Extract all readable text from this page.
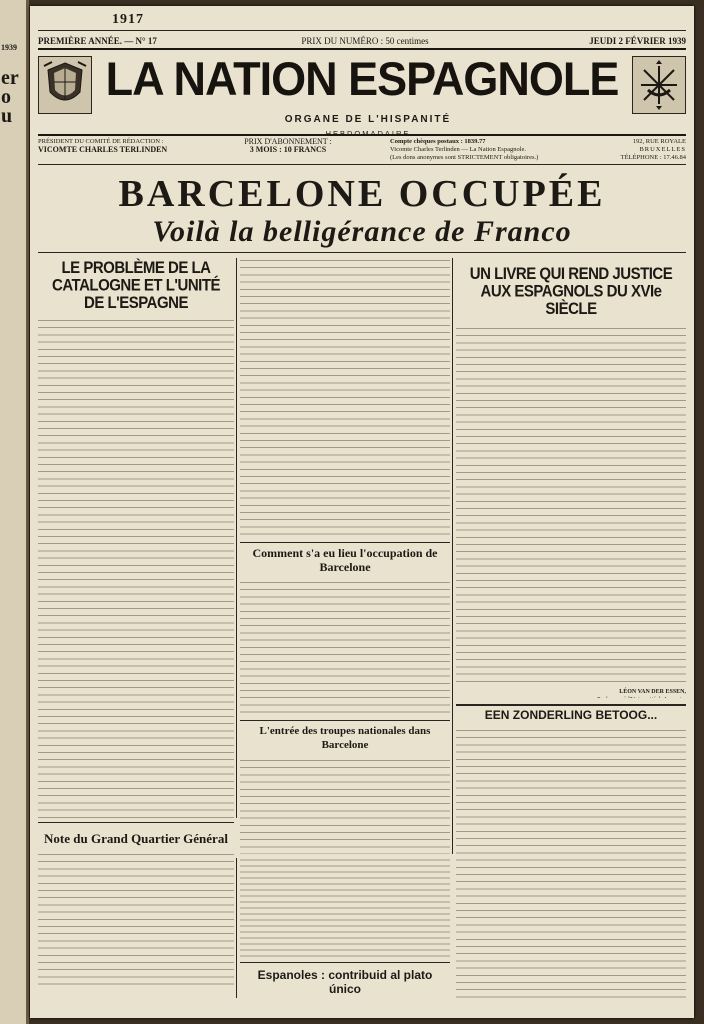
1939
er
o
u
1917
PREMIÈRE ANNÉE. — N° 17	PRIX DU NUMÉRO : 50 centimes	JEUDI 2 FÉVRIER 1939
LA NATION ESPAGNOLE
ORGANE DE L'HISPANITÉ
HEBDOMADAIRE
PRÉSIDENT DU COMITÉ DE RÉDACTION :
VICOMTE CHARLES TERLINDEN
PRIX D'ABONNEMENT :
3 MOIS : 10 FRANCS
Compte chèques postaux : 1839.77
Vicomte Charles Terlinden — La Nation Espagnole.
(Les dons anonymes sont STRICTEMENT obligatoires.)
192, RUE ROYALE
BRUXELLES
TÉLÉPHONE : 17.46.84
BARCELONE OCCUPÉE
Voilà la belligérance de Franco
LE PROBLÈME DE LA CATALOGNE ET L'UNITÉ DE L'ESPAGNE
Comment s'a eu lieu l'occupation de Barcelone
L'entrée des troupes nationales dans Barcelone
UN LIVRE QUI REND JUSTICE AUX ESPAGNOLS DU XVIe SIÈCLE
LÉON VAN DER ESSEN,
EEN ZONDERLING BETOOG...
Note du Grand Quartier Général
Espanoles : contribuid al plato único
